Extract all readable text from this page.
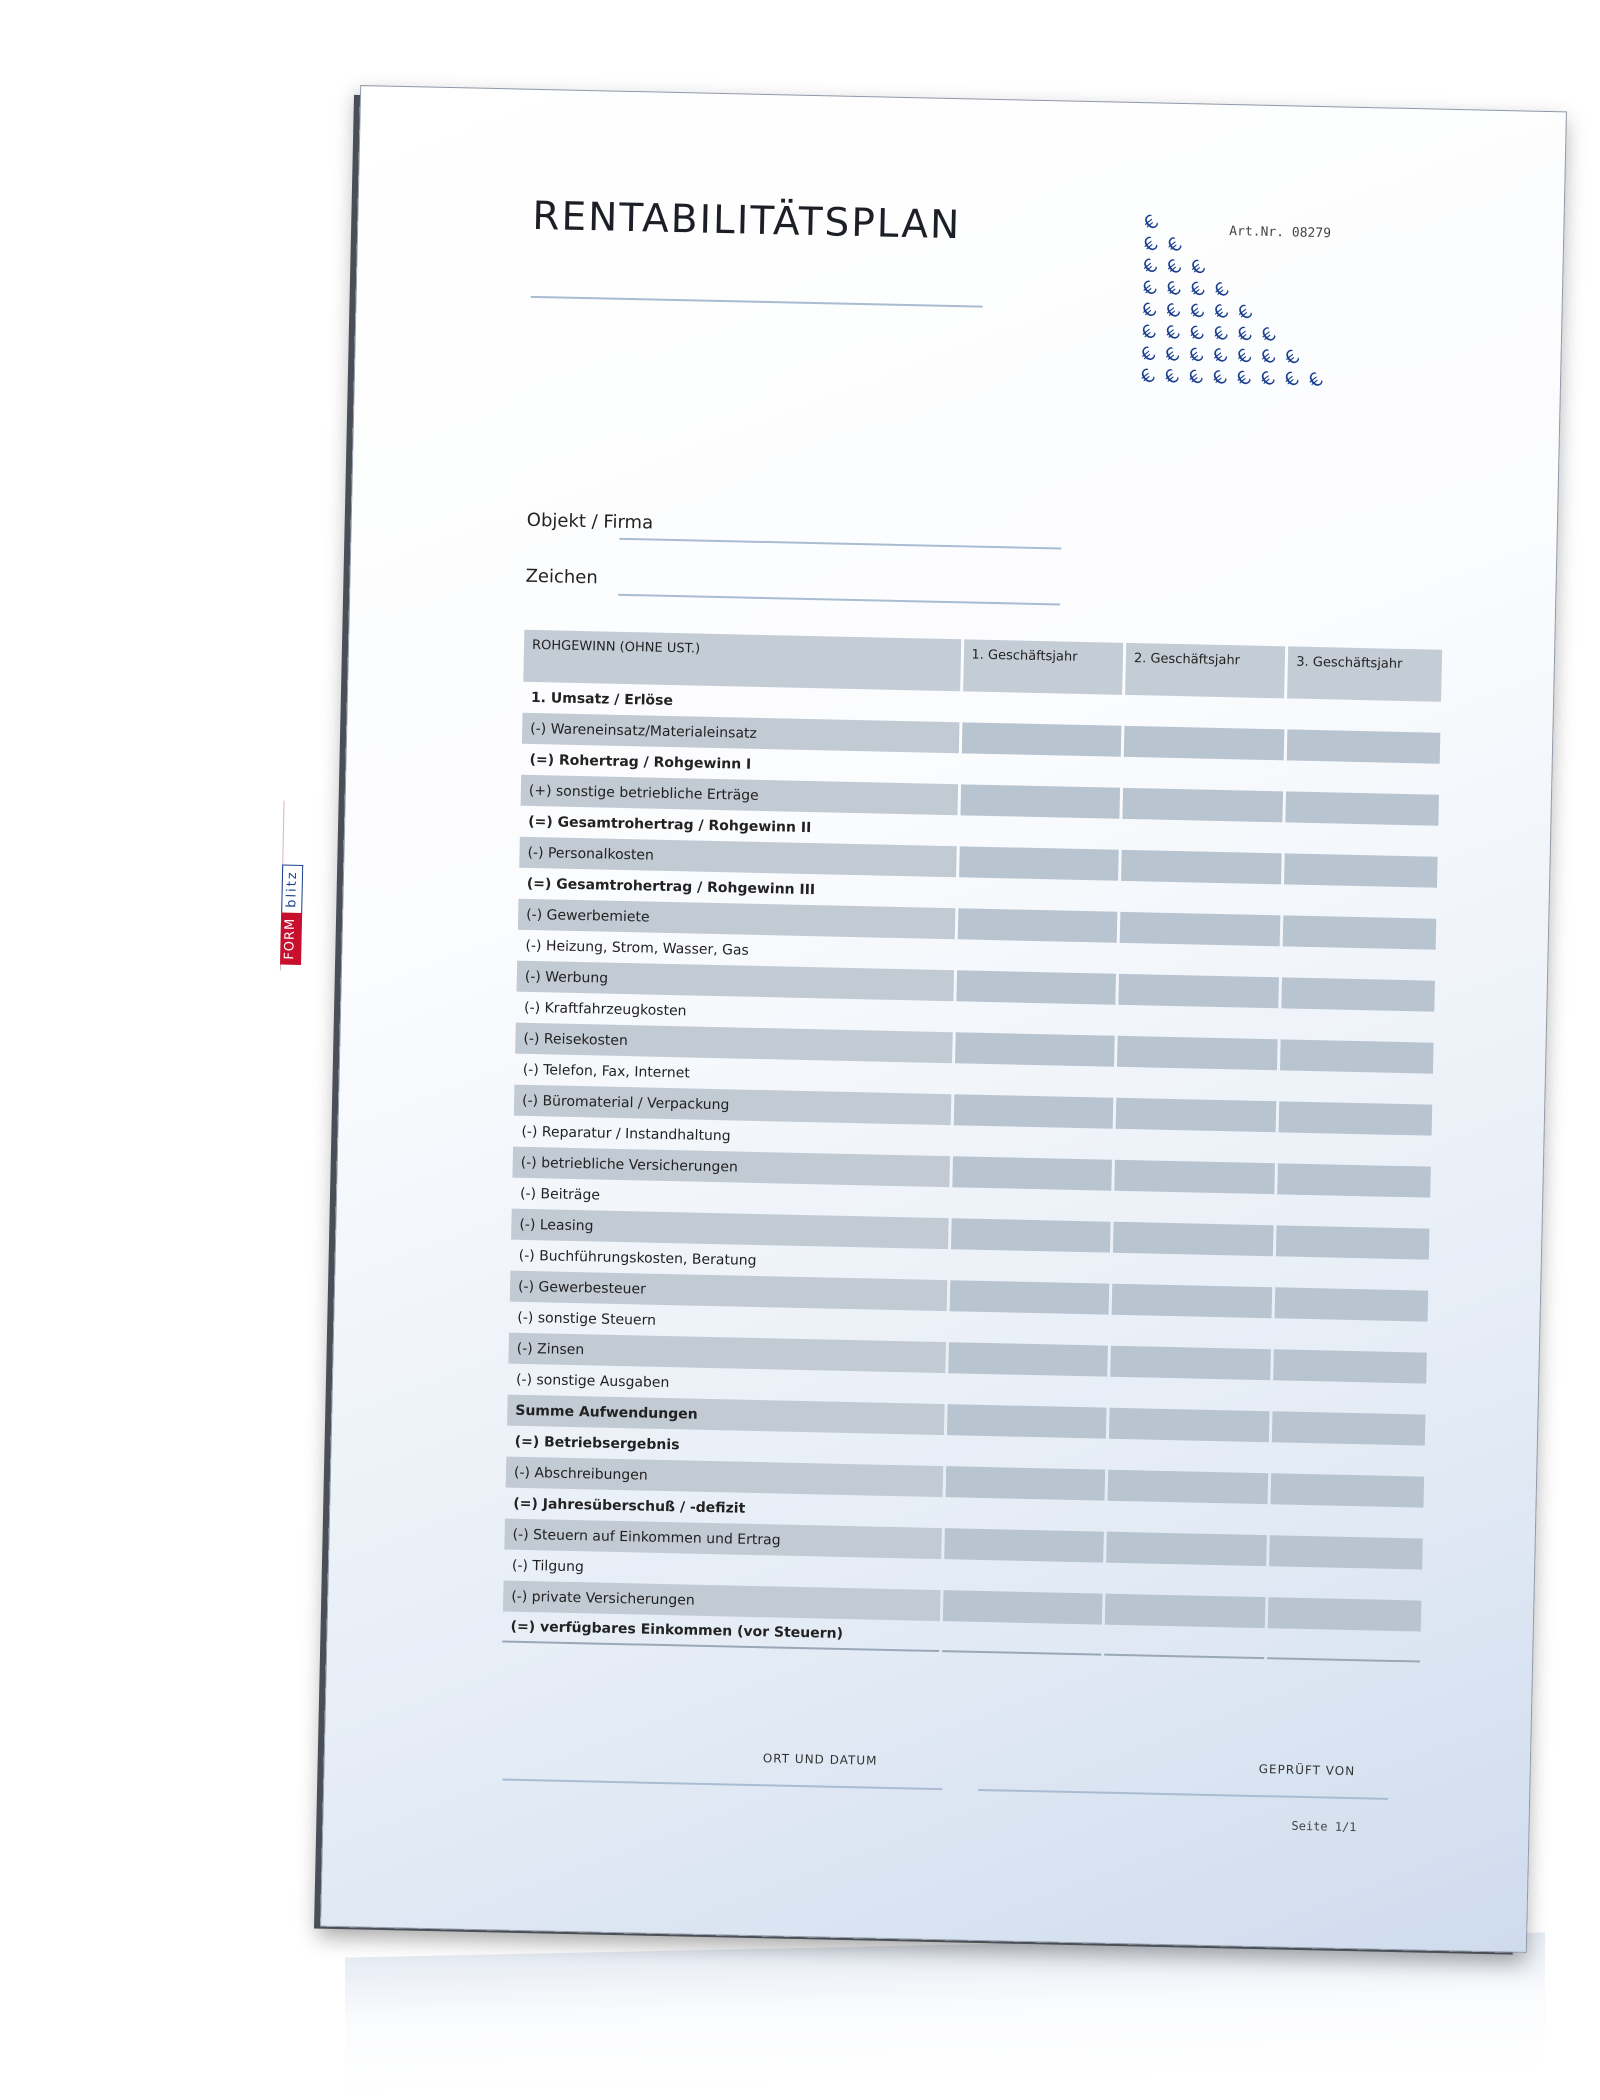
FORM
blitz
RENTABILITÄTSPLAN	Art.Nr. 08279
€
€ €
€ € €
€ € € €
€ € € € €
€ € € € € €
€ € € € € € €
€ € € € € € € €
Objekt / Firma
Zeichen
ROHGEWINN (OHNE UST.)	1. Geschäftsjahr	2. Geschäftsjahr	3. Geschäftsjahr
1. Umsatz / Erlöse
(-) Wareneinsatz/Materialeinsatz
(=) Rohertrag / Rohgewinn I
(+) sonstige betriebliche Erträge
(=) Gesamtrohertrag / Rohgewinn II
(-) Personalkosten
(=) Gesamtrohertrag / Rohgewinn III
(-) Gewerbemiete
(-) Heizung, Strom, Wasser, Gas
(-) Werbung
(-) Kraftfahrzeugkosten
(-) Reisekosten
(-) Telefon, Fax, Internet
(-) Büromaterial / Verpackung
(-) Reparatur / Instandhaltung
(-) betriebliche Versicherungen
(-) Beiträge
(-) Leasing
(-) Buchführungskosten, Beratung
(-) Gewerbesteuer
(-) sonstige Steuern
(-) Zinsen
(-) sonstige Ausgaben
Summe Aufwendungen
(=) Betriebsergebnis
(-) Abschreibungen
(=) Jahresüberschuß / -defizit
(-) Steuern auf Einkommen und Ertrag
(-) Tilgung
(-) private Versicherungen
(=) verfügbares Einkommen (vor Steuern)
ORT UND DATUM
GEPRÜFT VON
Seite 1/1
